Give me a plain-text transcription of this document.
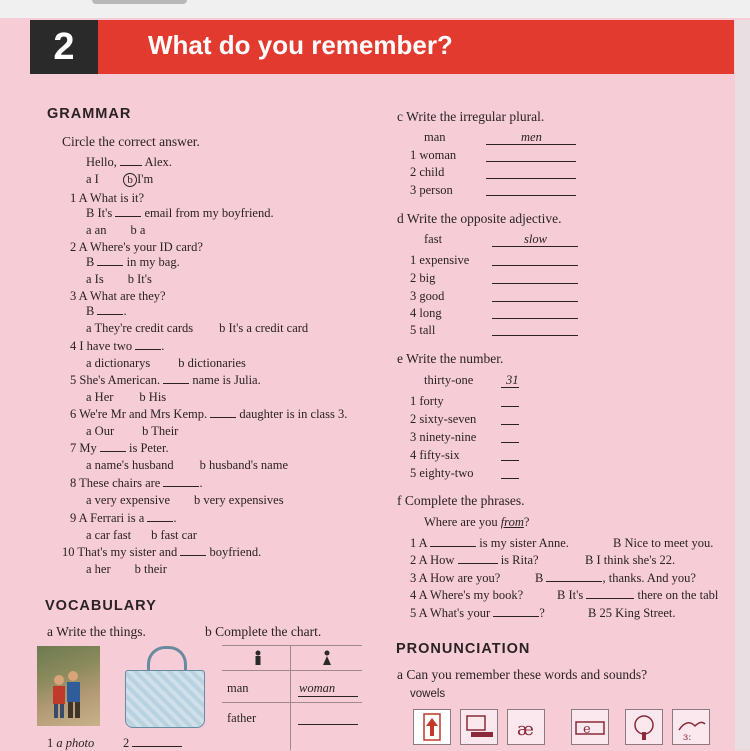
2	What do you remember?
GRAMMAR
Circle the correct answer.
Hello, Alex.
a I	b I'm
1 A What is it?
B It's	email from my boyfriend.
a an b a
2 A Where's your ID card?
B	in my bag.
a Is b It's
3 A What are they?
B .
a They're credit cards b It's a credit card
4 I have two .
a dictionarys b dictionaries
5 She's American.	name is Julia.
a Her b His
6 We're Mr and Mrs Kemp.	daughter is in class 3.
a Our b Their
7 My	is Peter.
a name's husband b husband's name
8 These chairs are	.
a very expensive b very expensives
9 A Ferrari is a .
a car fast b fast car
10 That's my sister and	boyfriend.
a her b their
VOCABULARY
a Write the things.	b Complete the chart.
1 a photo 2
man	woman
father
c Write the irregular plural.
man	men
1 woman
2 child
3 person
d Write the opposite adjective.
fast	slow
1 expensive
2 big
3 good
4 long
5 tall
e Write the number.
thirty-one	31
1 forty
2 sixty-seven
3 ninety-nine
4 fifty-six
5 eighty-two
f Complete the phrases.
Where are you from?
1 A	is my sister Anne.	B Nice to meet you.
2 A How	is Rita?	B I think she's 22.
3 A How are you?	B	, thanks. And you?
4 A Where's my book?	B It's	there on the tabl
5 A What's your	?	B 25 King Street.
PRONUNCIATION
a Can you remember these words and sounds?
vowels
æ	e
ɜː
